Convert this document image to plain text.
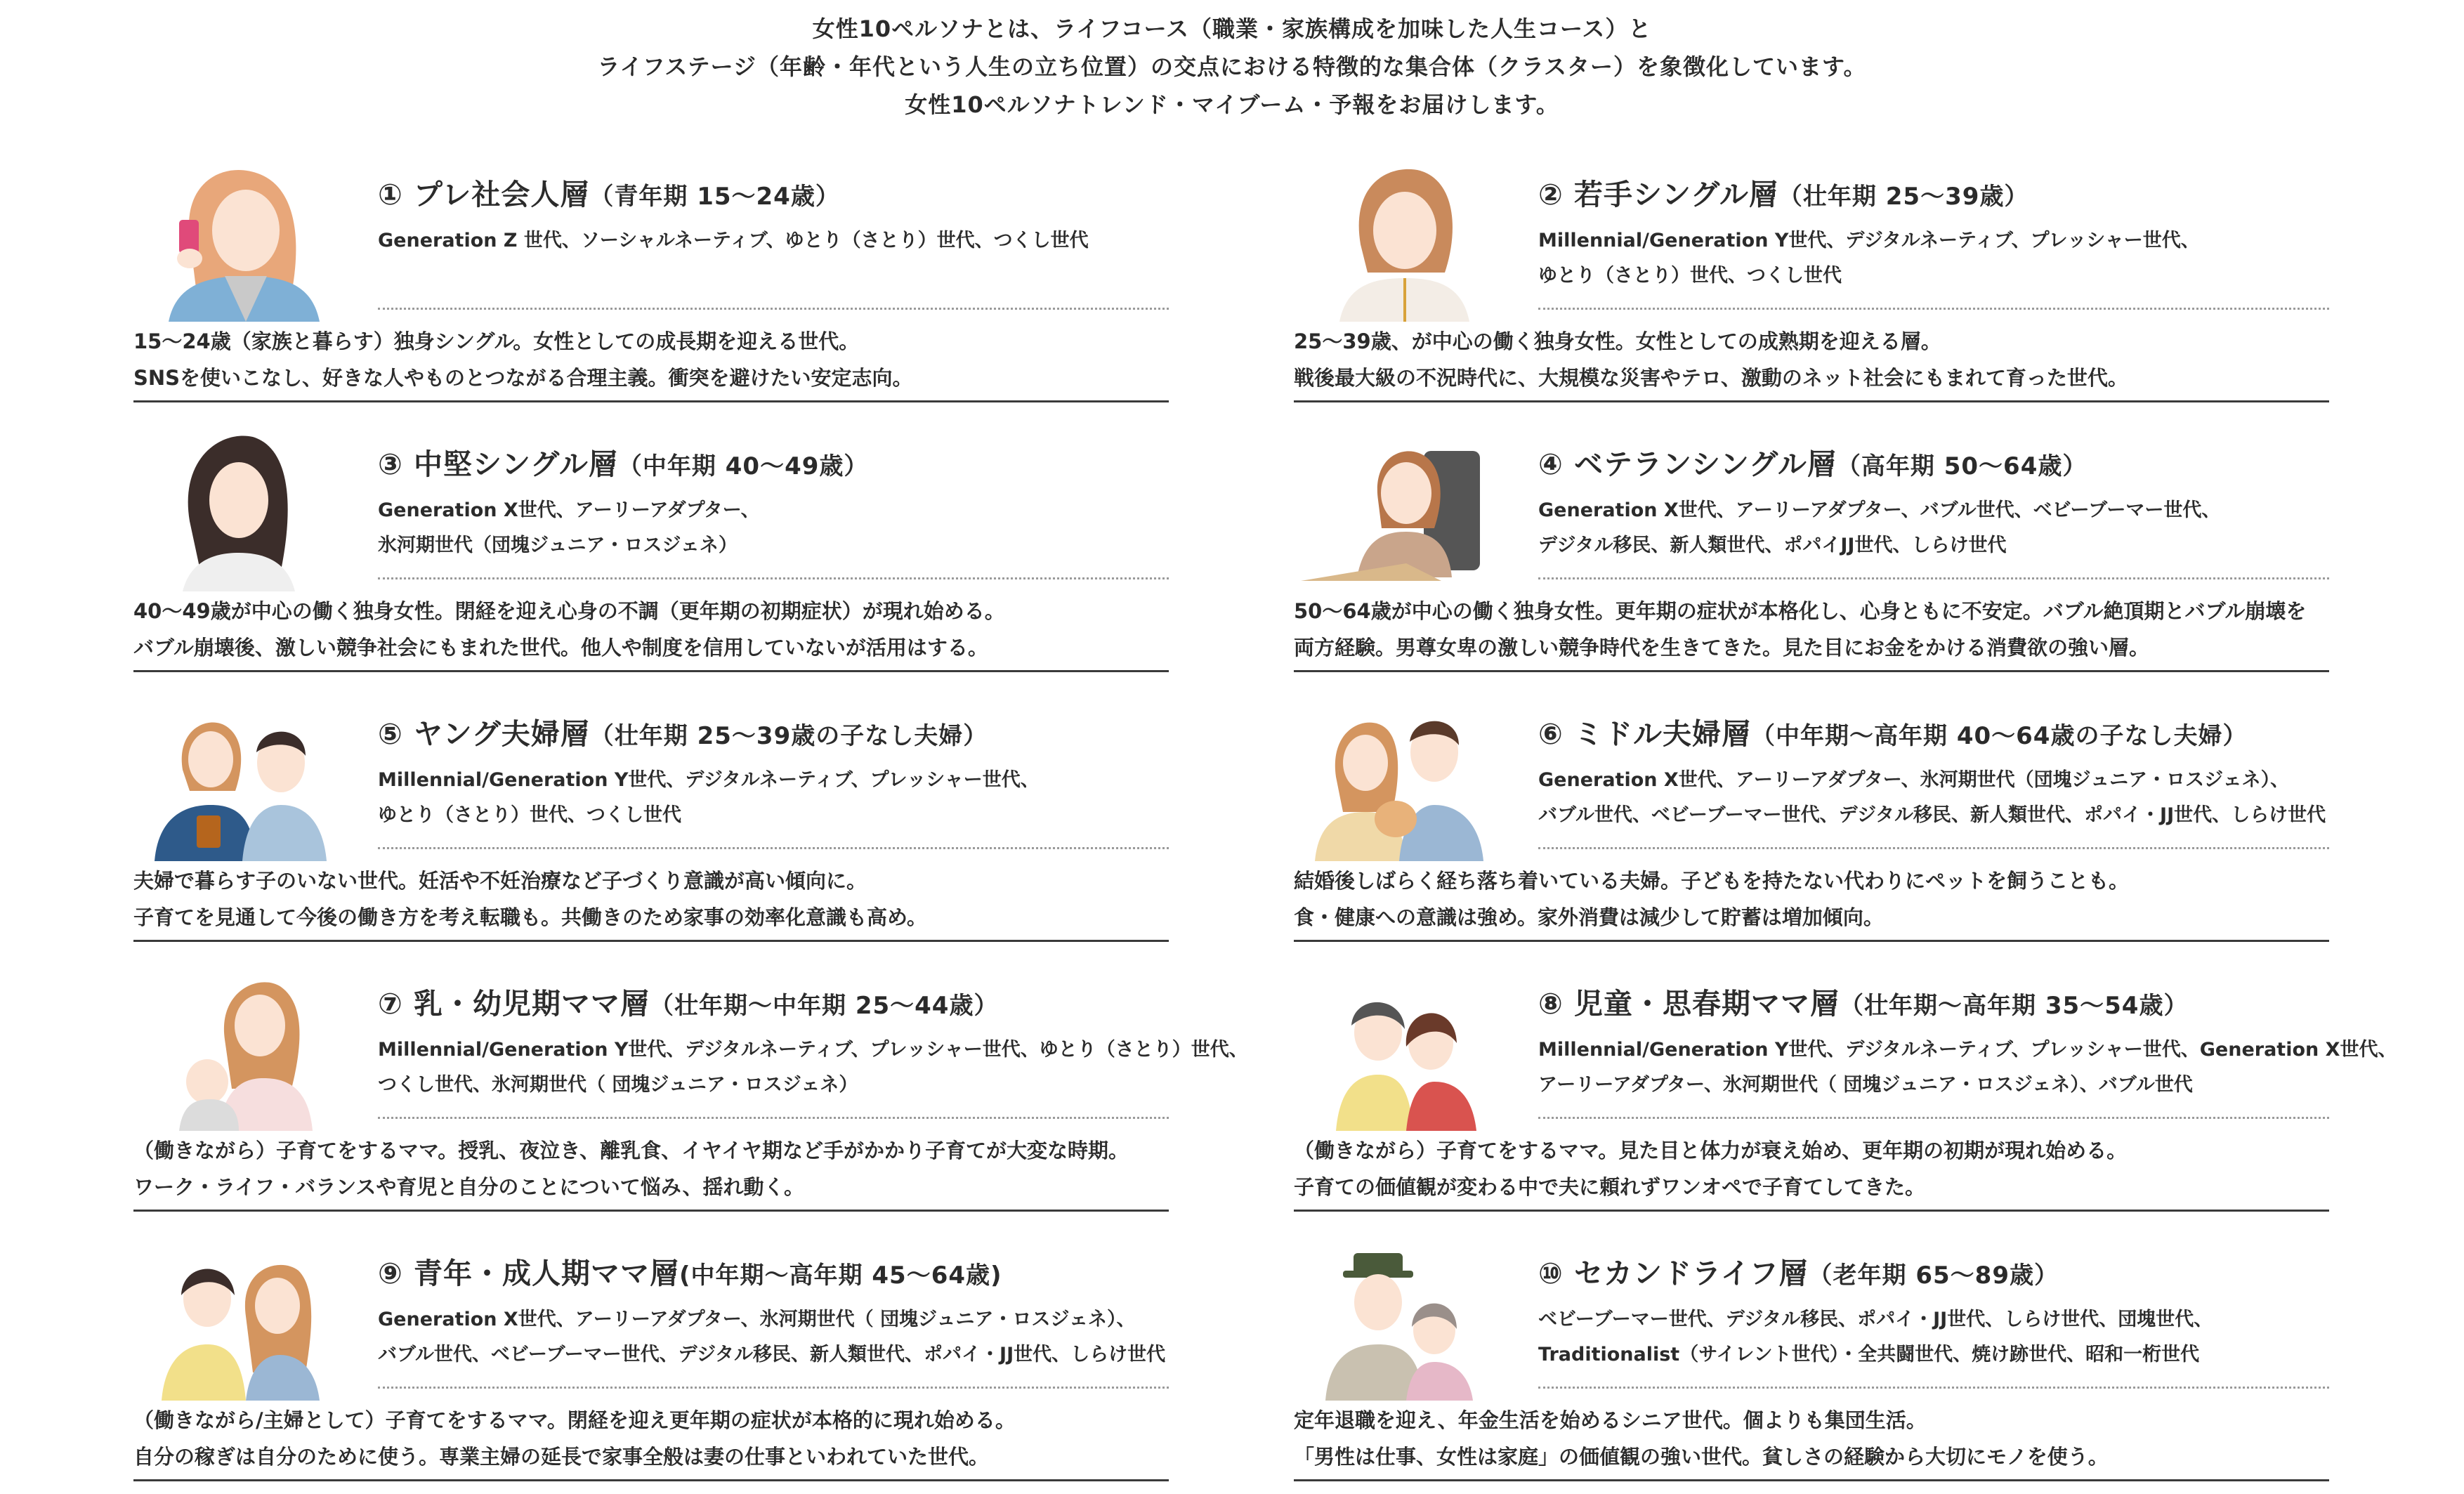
女性10ペルソナとは、ライフコース（職業・家族構成を加味した人生コース）と

ライフステージ（年齢・年代という人生の立ち位置）の交点における特徴的な集合体（クラスター）を象徴化しています。

女性10ペルソナトレンド・マイブーム・予報をお届けします。

① プレ社会人層（青年期 15〜24歳）
Generation Z 世代、ソーシャルネーティブ、ゆとり（さとり）世代、つくし世代
15〜24歳（家族と暮らす）独身シングル。女性としての成長期を迎える世代。
SNSを使いこなし、好きな人やものとつながる合理主義。衝突を避けたい安定志向。
② 若手シングル層（壮年期 25〜39歳）
Millennial/Generation Y世代、デジタルネーティブ、プレッシャー世代、
ゆとり（さとり）世代、つくし世代
25〜39歳、が中心の働く独身女性。女性としての成熟期を迎える層。
戦後最大級の不況時代に、大規模な災害やテロ、激動のネット社会にもまれて育った世代。
③ 中堅シングル層（中年期 40〜49歳）
Generation X世代、アーリーアダプター、
氷河期世代（団塊ジュニア・ロスジェネ）
40〜49歳が中心の働く独身女性。閉経を迎え心身の不調（更年期の初期症状）が現れ始める。
バブル崩壊後、激しい競争社会にもまれた世代。他人や制度を信用していないが活用はする。
④ ベテランシングル層（高年期 50〜64歳）
Generation X世代、アーリーアダプター、バブル世代、ベビーブーマー世代、
デジタル移民、新人類世代、ポパイJJ世代、しらけ世代
50〜64歳が中心の働く独身女性。更年期の症状が本格化し、心身ともに不安定。バブル絶頂期とバブル崩壊を
両方経験。男尊女卑の激しい競争時代を生きてきた。見た目にお金をかける消費欲の強い層。
⑤ ヤング夫婦層（壮年期 25〜39歳の子なし夫婦）
Millennial/Generation Y世代、デジタルネーティブ、プレッシャー世代、
ゆとり（さとり）世代、つくし世代
夫婦で暮らす子のいない世代。妊活や不妊治療など子づくり意識が高い傾向に。
子育てを見通して今後の働き方を考え転職も。共働きのため家事の効率化意識も高め。
⑥ ミドル夫婦層（中年期〜高年期 40〜64歳の子なし夫婦）
Generation X世代、アーリーアダプター、氷河期世代（団塊ジュニア・ロスジェネ）、
バブル世代、ベビーブーマー世代、デジタル移民、新人類世代、ポパイ・JJ世代、しらけ世代
結婚後しばらく経ち落ち着いている夫婦。子どもを持たない代わりにペットを飼うことも。
食・健康への意識は強め。家外消費は減少して貯蓄は増加傾向。
⑦ 乳・幼児期ママ層（壮年期〜中年期 25〜44歳）
Millennial/Generation Y世代、デジタルネーティブ、プレッシャー世代、ゆとり（さとり）世代、
つくし世代、氷河期世代（ 団塊ジュニア・ロスジェネ）
（働きながら）子育てをするママ。授乳、夜泣き、離乳食、イヤイヤ期など手がかかり子育てが大変な時期。
ワーク・ライフ・バランスや育児と自分のことについて悩み、揺れ動く。
⑧ 児童・思春期ママ層（壮年期〜高年期 35〜54歳）
Millennial/Generation Y世代、デジタルネーティブ、プレッシャー世代、Generation X世代、
アーリーアダプター、氷河期世代（ 団塊ジュニア・ロスジェネ）、バブル世代
（働きながら）子育てをするママ。見た目と体力が衰え始め、更年期の初期が現れ始める。
子育ての価値観が変わる中で夫に頼れずワンオペで子育てしてきた。
⑨ 青年・成人期ママ層(中年期〜高年期 45〜64歳)
Generation X世代、アーリーアダプター、氷河期世代（ 団塊ジュニア・ロスジェネ）、
バブル世代、ベビーブーマー世代、デジタル移民、新人類世代、ポパイ・JJ世代、しらけ世代
（働きながら/主婦として）子育てをするママ。閉経を迎え更年期の症状が本格的に現れ始める。
自分の稼ぎは自分のために使う。専業主婦の延長で家事全般は妻の仕事といわれていた世代。
⑩ セカンドライフ層（老年期 65〜89歳）
ベビーブーマー世代、デジタル移民、ポパイ・JJ世代、しらけ世代、団塊世代、
Traditionalist（サイレント世代）・全共闘世代、焼け跡世代、昭和一桁世代
定年退職を迎え、年金生活を始めるシニア世代。個よりも集団生活。
「男性は仕事、女性は家庭」の価値観の強い世代。貧しさの経験から大切にモノを使う。
